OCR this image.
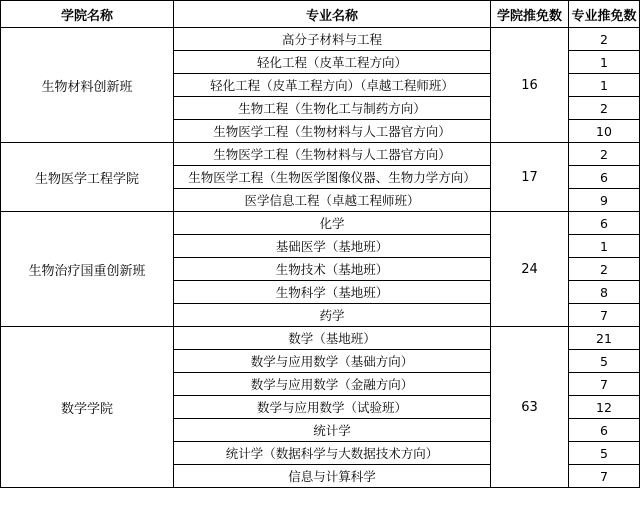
学院名称	专业名称	学院推免数	专业推免数
生物材料创新班	高分子材料与工程	16	2
	轻化工程（皮革工程方向）		1
	轻化工程（皮革工程方向）（卓越工程师班）		1
	生物工程（生物化工与制药方向）		2
	生物医学工程（生物材料与人工器官方向）		10
生物医学工程学院	生物医学工程（生物材料与人工器官方向）	17	2
	生物医学工程（生物医学图像仪器、生物力学方向）		6
	医学信息工程（卓越工程师班）		9
生物治疗国重创新班	化学	24	6
	基础医学（基地班）		1
	生物技术（基地班）		2
	生物科学（基地班）		8
	药学		7
数学学院	数学（基地班）	63	21
	数学与应用数学（基础方向）		5
	数学与应用数学（金融方向）		7
	数学与应用数学（试验班）		12
	统计学		6
	统计学（数据科学与大数据技术方向）		5
	信息与计算科学		7
